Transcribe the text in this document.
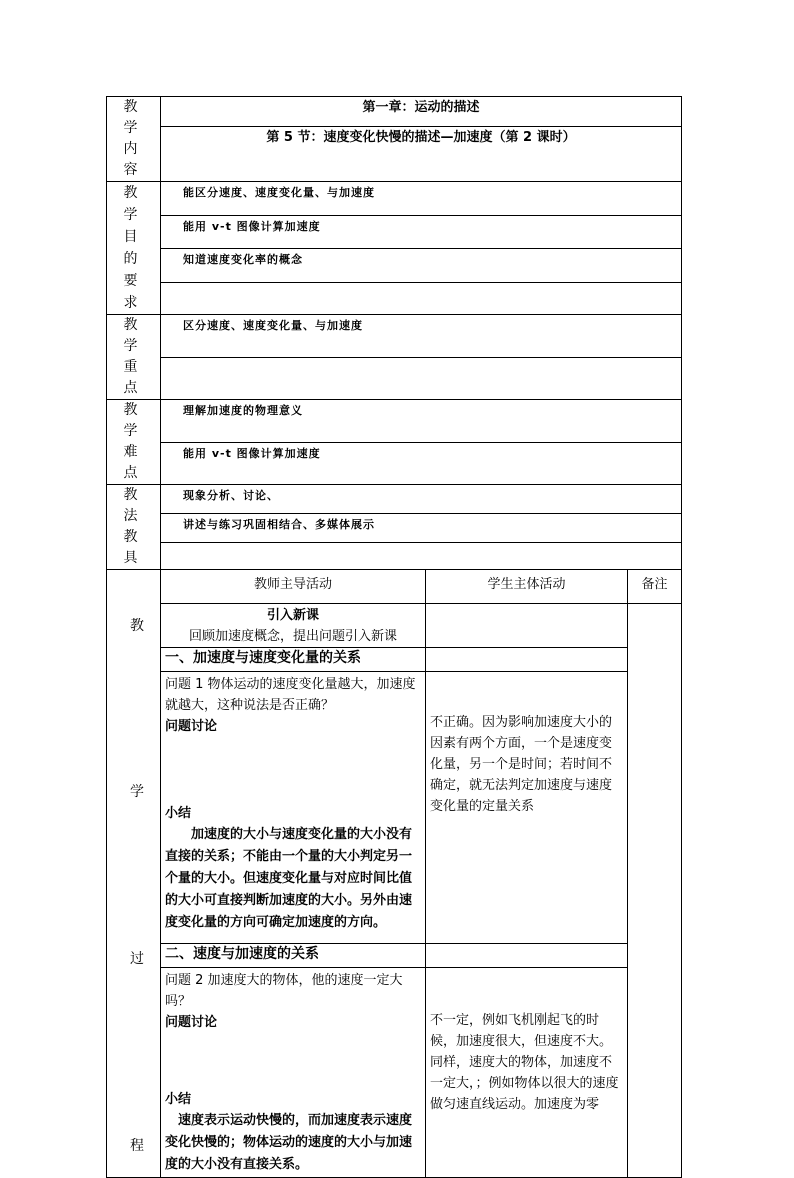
教 学
内 容	第一章：运动的描述		
	第 5 节：速度变化快慢的描述—加速度（第 2 课时）		

教 学
目 的
要 求	能区分速度、速度变化量、与加速度		
	能用 v-t 图像计算加速度		
	知道速度变化率的概念		

教 学
重 点	区分速度、速度变化量、与加速度		

教 学
难 点	理解加速度的物理意义		
	能用 v-t 图像计算加速度		

教 法
教 具	现象分析、讨论、		
	讲述与练习巩固相结合、多媒体展示		

教
学
过
程	教师主导活动	学生主体活动	备注

	引入新课
回顾加速度概念，提出问题引入新课		

	一、加速度与速度变化量的关系		

	问题 1 物体运动的速度变化量越大，加速度就越大，这种说法是否正确？
问题讨论
小结
加速度的大小与速度变化量的大小没有直接的关系；不能由一个量的大小判定另一个量的大小。但速度变化量与对应时间比值的大小可直接判断加速度的大小。另外由速度变化量的方向可确定加速度的方向。	不正确。因为影响加速度大小的因素有两个方面，一个是速度变化量，另一个是时间；若时间不确定，就无法判定加速度与速度变化量的定量关系	
	二、速度与加速度的关系		

	问题 2 加速度大的物体，他的速度一定大吗？
问题讨论
小结
速度表示运动快慢的，而加速度表示速度变化快慢的；物体运动的速度的大小与加速度的大小没有直接关系。	不一定，例如飞机刚起飞的时候，加速度很大，但速度不大。同样，速度大的物体，加速度不一定大，；例如物体以很大的速度做匀速直线运动。加速度为零	
